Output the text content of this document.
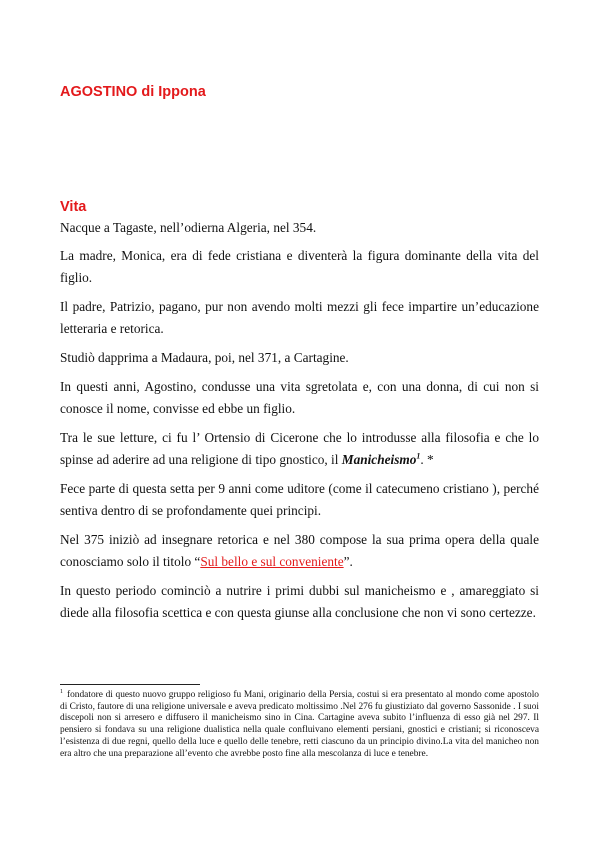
AGOSTINO di Ippona
Vita

Nacque a Tagaste, nell’odierna Algeria, nel 354.

La madre, Monica, era di fede cristiana e diventerà la figura dominante della vita del figlio.

Il padre, Patrizio, pagano, pur non avendo molti mezzi gli fece impartire un’educazione letteraria e retorica.

Studiò dapprima a Madaura, poi, nel 371, a Cartagine.

In questi anni, Agostino, condusse una vita sgretolata e, con una donna, di cui non si conosce il nome, convisse ed ebbe un figlio.

Tra le sue letture, ci fu l’ Ortensio di Cicerone che lo introdusse alla filosofia e che lo spinse ad aderire ad una religione di tipo gnostico, il Manicheismo$^1$. *

Fece parte di questa setta per 9 anni come uditore (come il catecumeno cristiano ), perché sentiva dentro di se profondamente quei principi.

Nel 375 iniziò ad insegnare retorica e nel 380 compose la sua prima opera della quale conosciamo solo il titolo “Sul bello e sul conveniente”.

In questo periodo cominciò a nutrire i primi dubbi sul manicheismo e , amareggiato si diede alla filosofia scettica e con questa giunse alla conclusione che non vi sono certezze.

$^1$ fondatore di questo nuovo gruppo religioso fu Mani, originario della Persia, costui si era presentato al mondo come apostolo di Cristo, fautore di una religione universale e aveva predicato moltissimo .Nel 276 fu giustiziato dal governo Sassonide . I suoi discepoli non si arresero e diffusero il manicheismo sino in Cina. Cartagine aveva subito l’influenza di esso già nel 297. Il pensiero si fondava su una religione dualistica nella quale confluivano elementi persiani, gnostici e cristiani; si riconosceva l’esistenza di due regni, quello della luce e quello delle tenebre, retti ciascuno da un principio divino.La vita del manicheo non era altro che una preparazione all’evento che avrebbe posto fine alla mescolanza di luce e tenebre.
